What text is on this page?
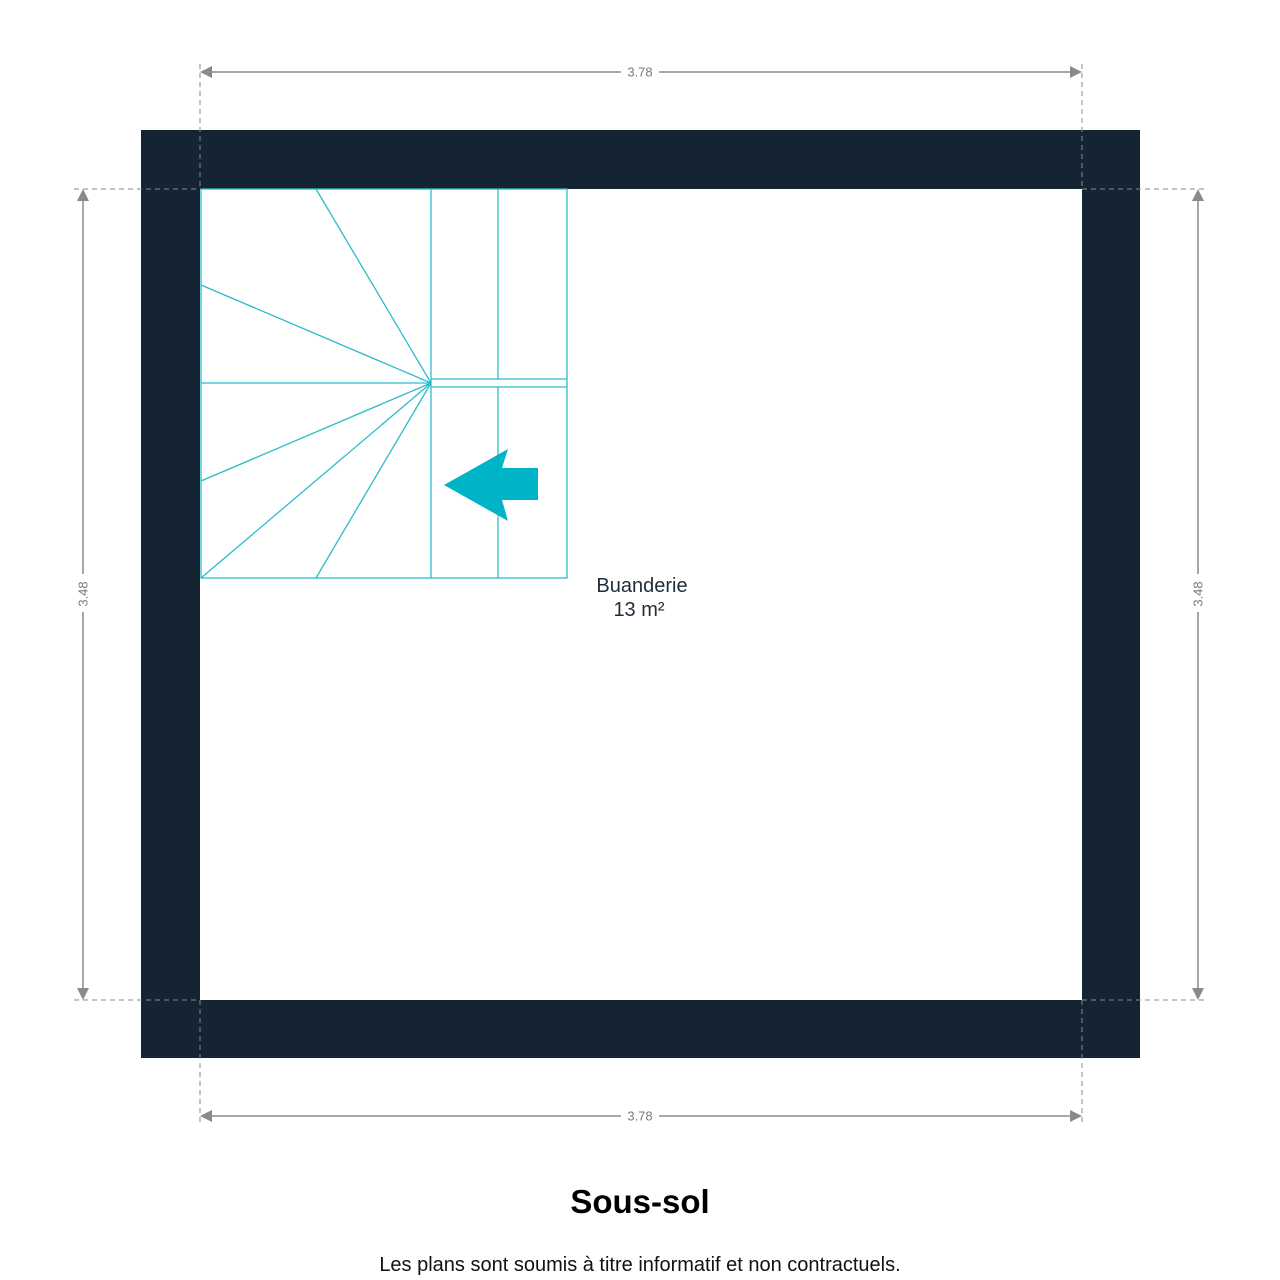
3.78
3.78
3.48	3.48
Buanderie
13 m²
Sous-sol
Les plans sont soumis à titre informatif et non contractuels.
